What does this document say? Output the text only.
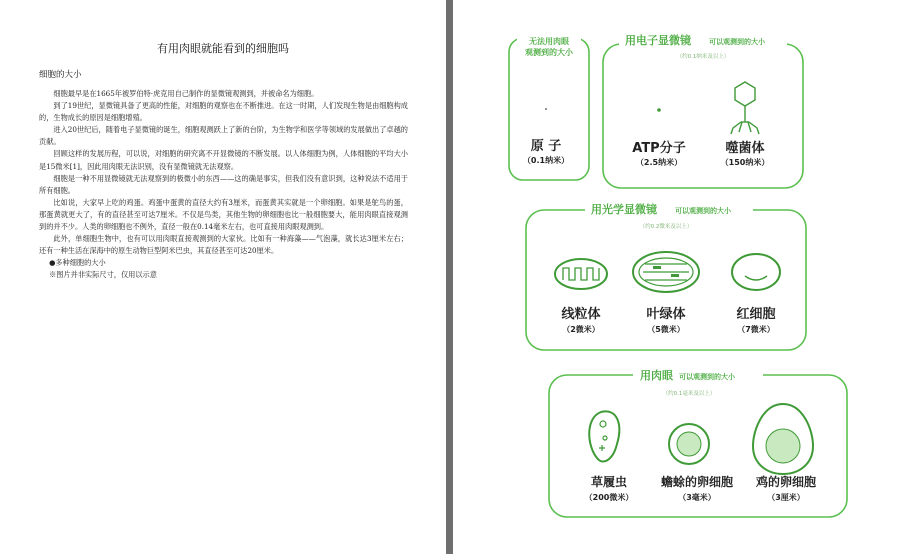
有用肉眼就能看到的细胞吗
细胞的大小

细胞最早是在1665年被罗伯特·虎克用自己制作的显微镜观测到，并被命名为细胞。

到了19世纪，显微镜具备了更高的性能，对细胞的观察也在不断推进。在这一时期，人们发现生物是由细胞构成的，生物成长的原因是细胞增殖。

进入20世纪后，随着电子显微镜的诞生，细胞观测跃上了新的台阶，为生物学和医学等领域的发展做出了卓越的贡献。

回顾这样的发展历程，可以说，对细胞的研究离不开显微镜的不断发展。以人体细胞为例，人体细胞的平均大小是15微米[1]，因此用肉眼无法识别，没有显微镜就无法观察。

细胞是一种不用显微镜就无法观察到的极微小的东西——这的确是事实，但我们没有意识到，这种说法不适用于所有细胞。

比如说，大家早上吃的鸡蛋。鸡蛋中蛋黄的直径大约有3厘米，而蛋黄其实就是一个卵细胞。如果是鸵鸟的蛋，那蛋黄就更大了，有的直径甚至可达7厘米。不仅是鸟类，其他生物的卵细胞也比一般细胞要大，能用肉眼直接观测到的并不少。人类的卵细胞也不例外，直径一般在0.14毫米左右，也可直接用肉眼观测到。

此外，单细胞生物中，也有可以用肉眼直接观测到的大家伙。比如有一种海藻——气泡藻，就长达3厘米左右；还有一种生活在深海中的原生动物巨型阿米巴虫，其直径甚至可达20厘米。

●多种细胞的大小

※图片并非实际尺寸，仅用以示意

无法用肉眼
观测到的大小
原 子
（0.1纳米）
用电子显微镜	可以观测到的大小
（约0.1纳米及以上）
ATP分子
（2.5纳米）
噬菌体
（150纳米）
用光学显微镜	可以观测到的大小
（约0.2微米及以上）
线粒体
（2微米）
叶绿体
（5微米）
红细胞
（7微米）
用肉眼 可以观测到的大小
（约0.1毫米及以上）
草履虫
（200微米）
蟾蜍的卵细胞
（3毫米）
鸡的卵细胞
（3厘米）
